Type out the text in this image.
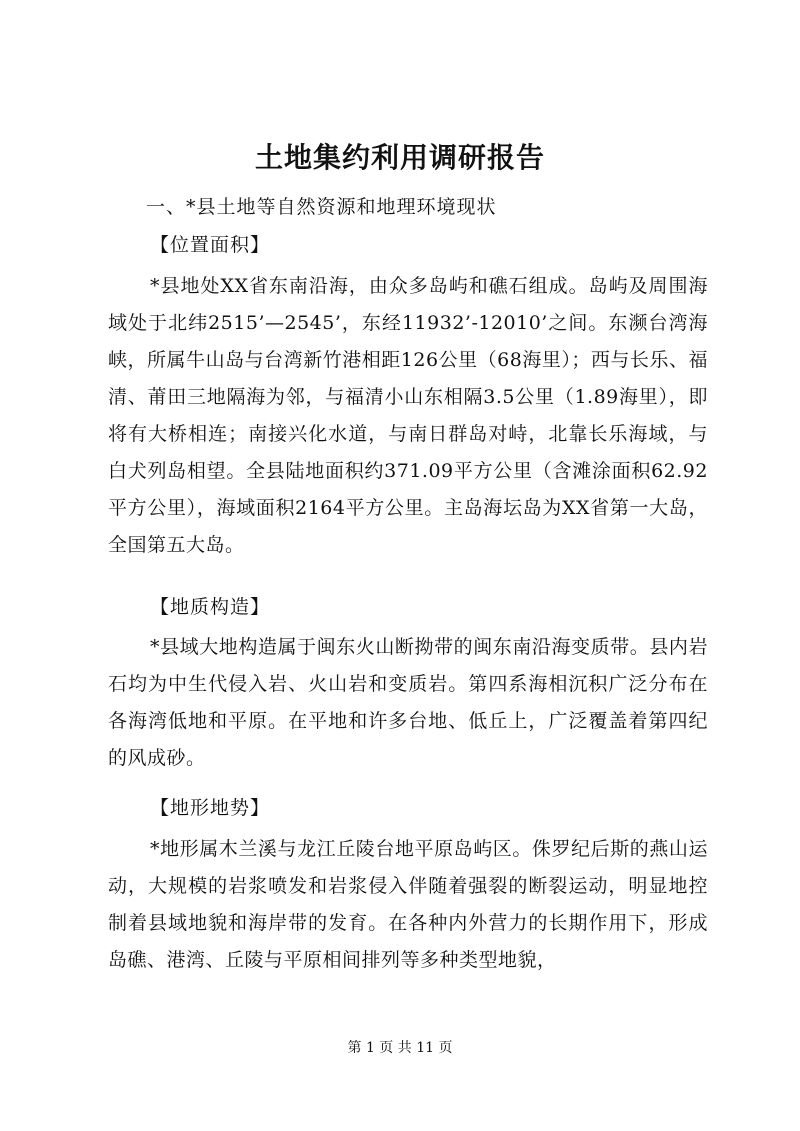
土地集约利用调研报告
一、*县土地等自然资源和地理环境现状
【位置面积】

*县地处XX省东南沿海，由众多岛屿和礁石组成。岛屿及周围海域处于北纬2515’—2545’，东经11932’-12010’之间。东濒台湾海峡，所属牛山岛与台湾新竹港相距126公里（68海里）；西与长乐、福清、莆田三地隔海为邻，与福清小山东相隔3.5公里（1.89海里），即将有大桥相连；南接兴化水道，与南日群岛对峙，北靠长乐海域，与白犬列岛相望。全县陆地面积约371.09平方公里（含滩涂面积62.92平方公里），海域面积2164平方公里。主岛海坛岛为XX省第一大岛，全国第五大岛。

【地质构造】

*县域大地构造属于闽东火山断拗带的闽东南沿海变质带。县内岩石均为中生代侵入岩、火山岩和变质岩。第四系海相沉积广泛分布在各海湾低地和平原。在平地和许多台地、低丘上，广泛覆盖着第四纪的风成砂。

【地形地势】

*地形属木兰溪与龙江丘陵台地平原岛屿区。侏罗纪后斯的燕山运动，大规模的岩浆喷发和岩浆侵入伴随着强裂的断裂运动，明显地控制着县域地貌和海岸带的发育。在各种内外营力的长期作用下，形成岛礁、港湾、丘陵与平原相间排列等多种类型地貌，

第 1 页 共 11 页
